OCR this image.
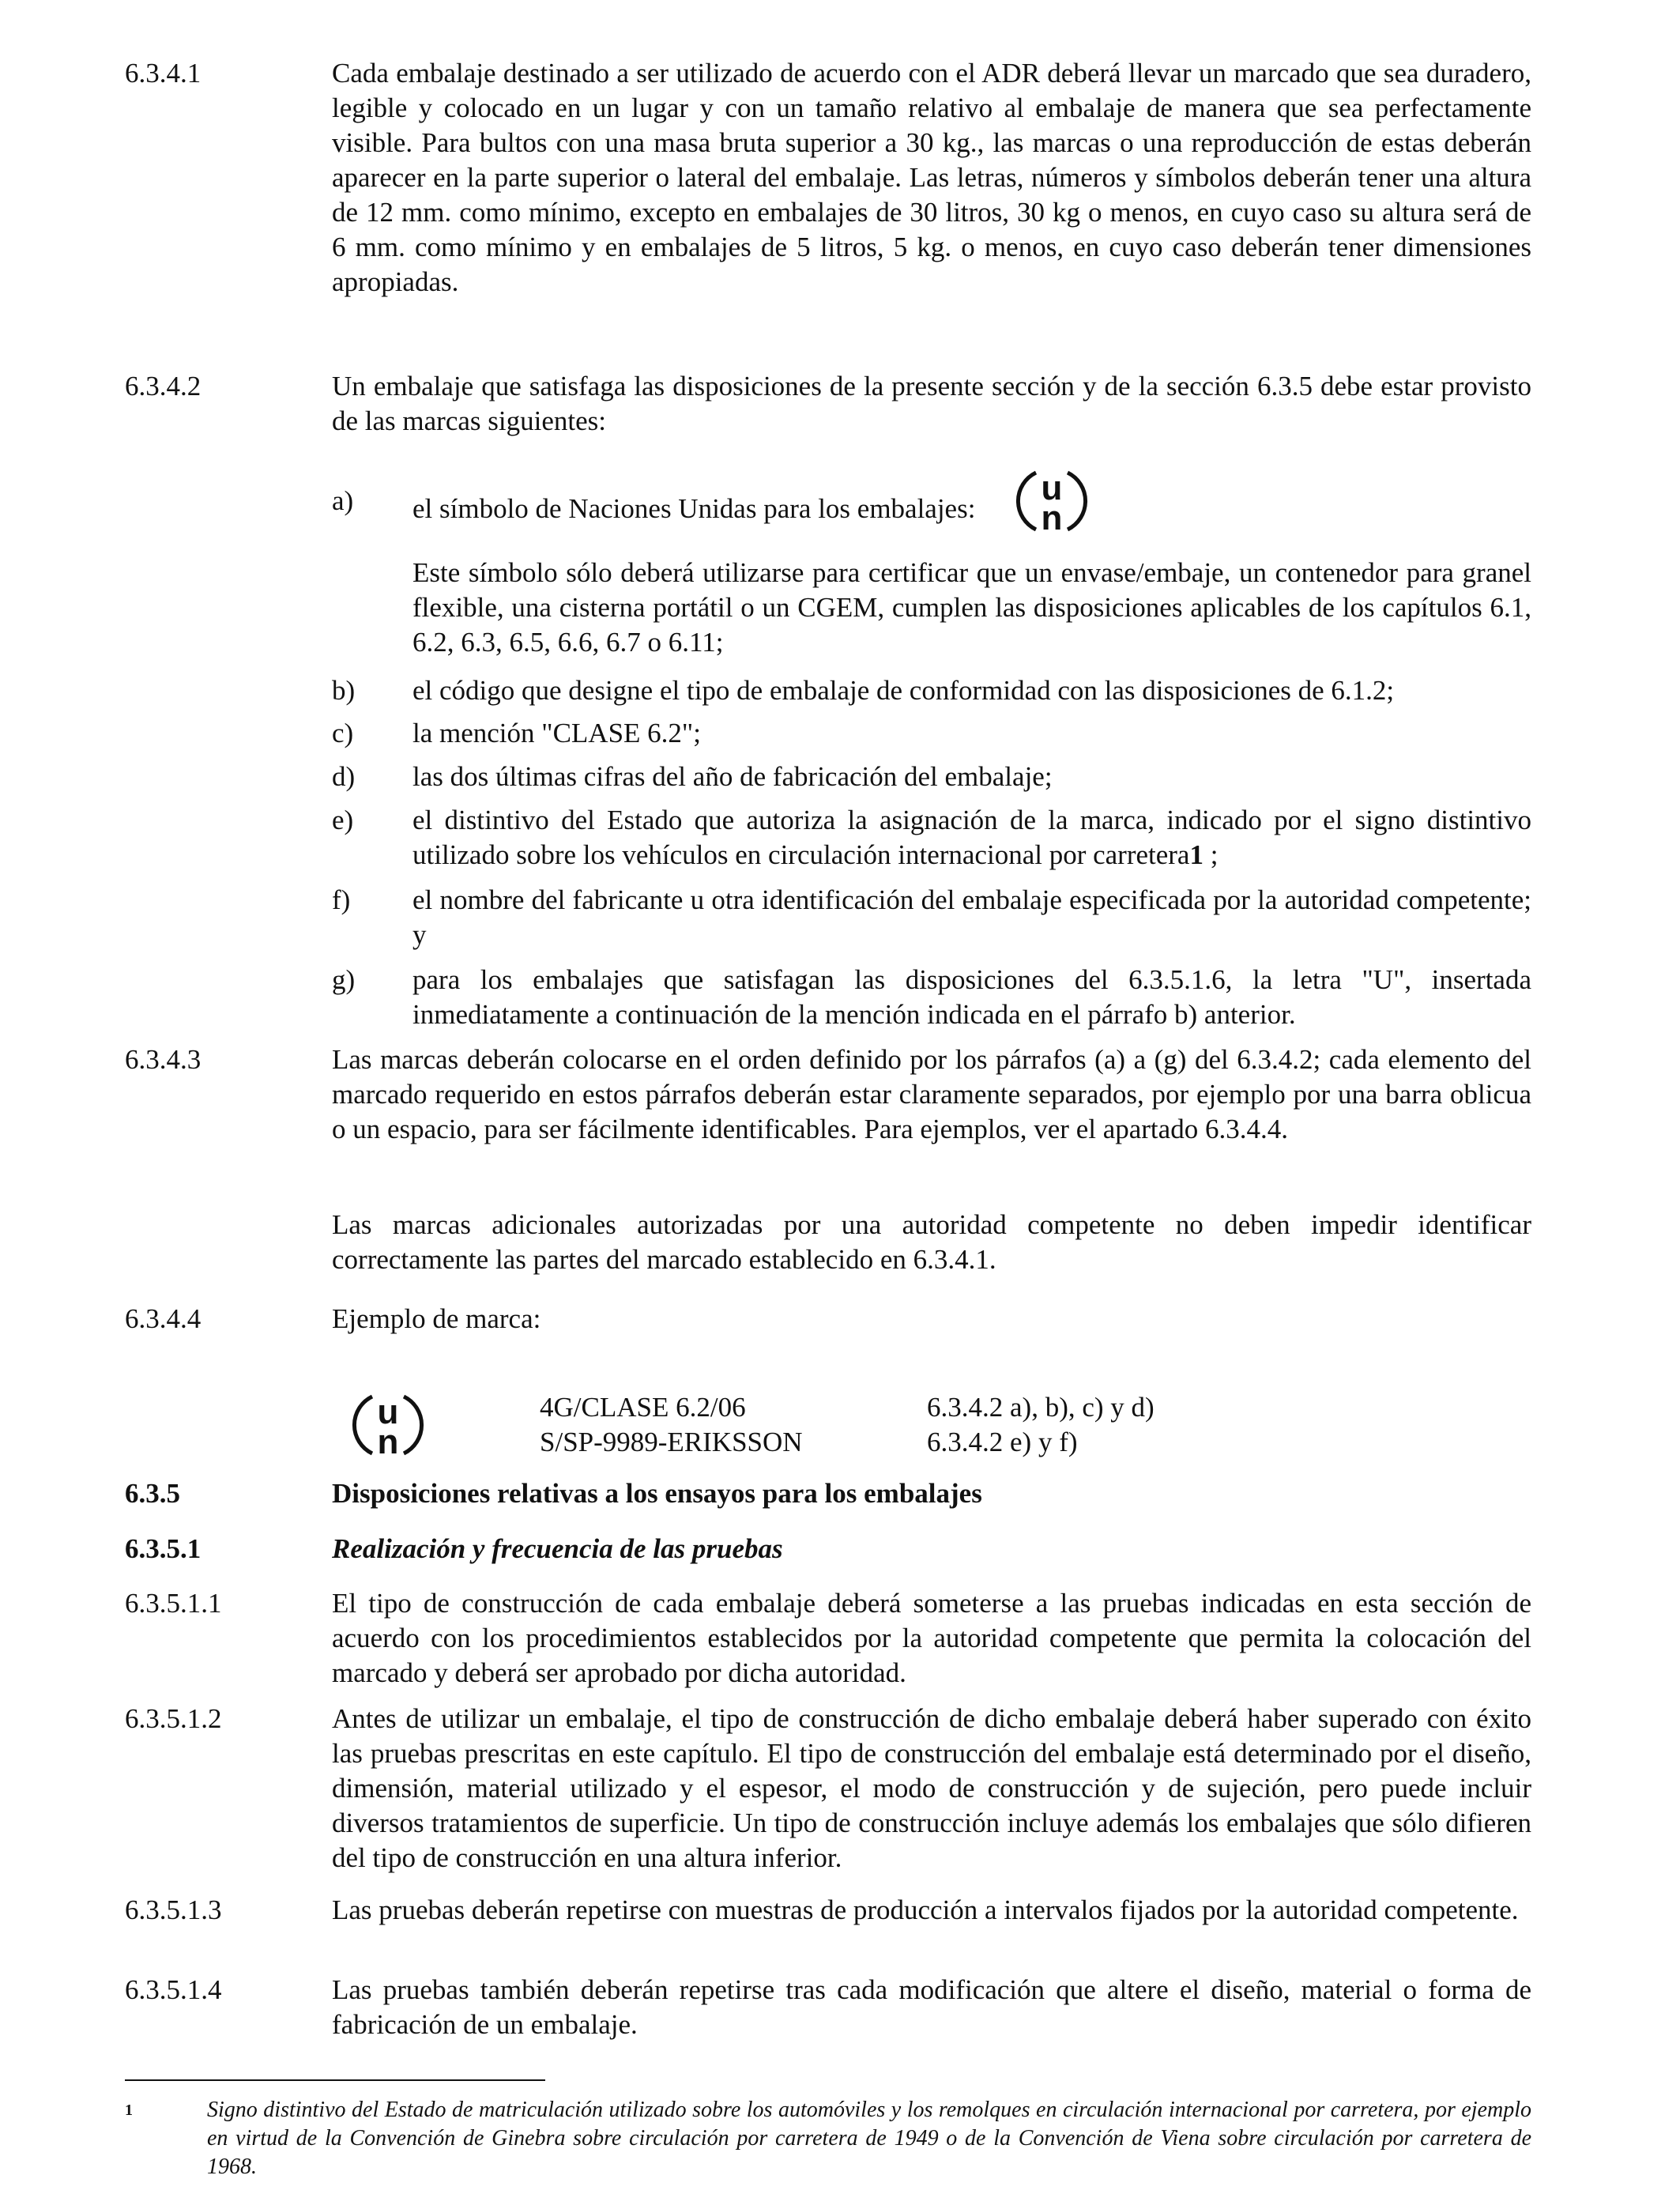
6.3.4.1	Cada embalaje destinado a ser utilizado de acuerdo con el ADR deberá llevar un marcado que sea duradero, legible y colocado en un lugar y con un tamaño relativo al embalaje de manera que sea perfectamente visible. Para bultos con una masa bruta superior a 30 kg., las marcas o una reproducción de estas deberán aparecer en la parte superior o lateral del embalaje. Las letras, números y símbolos deberán tener una altura de 12 mm. como mínimo, excepto en embalajes de 30 litros, 30 kg o menos, en cuyo caso su altura será de 6 mm. como mínimo y en embalajes de 5 litros, 5 kg. o menos, en cuyo caso deberán tener dimensiones apropiadas.
6.3.4.2	Un embalaje que satisfaga las disposiciones de la presente sección y de la sección 6.3.5 debe estar provisto de las marcas siguientes:
a) el símbolo de Naciones Unidas para los embalajes:
u
n
Este símbolo sólo deberá utilizarse para certificar que un envase/embaje, un contenedor para granel flexible, una cisterna portátil o un CGEM, cumplen las disposiciones aplicables de los capítulos 6.1, 6.2, 6.3, 6.5, 6.6, 6.7 o 6.11;
b) el código que designe el tipo de embalaje de conformidad con las disposiciones de 6.1.2;
c) la mención "CLASE 6.2";
d) las dos últimas cifras del año de fabricación del embalaje;
e) el distintivo del Estado que autoriza la asignación de la marca, indicado por el signo distintivo utilizado sobre los vehículos en circulación internacional por carretera1 ;
f) el nombre del fabricante u otra identificación del embalaje especificada por la autoridad competente; y
g) para los embalajes que satisfagan las disposiciones del 6.3.5.1.6, la letra "U", insertada inmediatamente a continuación de la mención indicada en el párrafo b) anterior.
6.3.4.3	Las marcas deberán colocarse en el orden definido por los párrafos (a) a (g) del 6.3.4.2; cada elemento del marcado requerido en estos párrafos deberán estar claramente separados, por ejemplo por una barra oblicua o un espacio, para ser fácilmente identificables. Para ejemplos, ver el apartado 6.3.4.4.
Las marcas adicionales autorizadas por una autoridad competente no deben impedir identificar correctamente las partes del marcado establecido en 6.3.4.1.
6.3.4.4	Ejemplo de marca:
u
n
4G/CLASE 6.2/06	6.3.4.2 a), b), c) y d)
S/SP-9989-ERIKSSON	6.3.4.2 e) y f)
6.3.5	Disposiciones relativas a los ensayos para los embalajes
6.3.5.1	Realización y frecuencia de las pruebas
6.3.5.1.1	El tipo de construcción de cada embalaje deberá someterse a las pruebas indicadas en esta sección de acuerdo con los procedimientos establecidos por la autoridad competente que permita la colocación del marcado y deberá ser aprobado por dicha autoridad.
6.3.5.1.2	Antes de utilizar un embalaje, el tipo de construcción de dicho embalaje deberá haber superado con éxito las pruebas prescritas en este capítulo. El tipo de construcción del embalaje está determinado por el diseño, dimensión, material utilizado y el espesor, el modo de construcción y de sujeción, pero puede incluir diversos tratamientos de superficie. Un tipo de construcción incluye además los embalajes que sólo difieren del tipo de construcción en una altura inferior.
6.3.5.1.3	Las pruebas deberán repetirse con muestras de producción a intervalos fijados por la autoridad competente.
6.3.5.1.4	Las pruebas también deberán repetirse tras cada modificación que altere el diseño, material o forma de fabricación de un embalaje.
1	Signo distintivo del Estado de matriculación utilizado sobre los automóviles y los remolques en circulación internacional por carretera, por ejemplo en virtud de la Convención de Ginebra sobre circulación por carretera de 1949 o de la Convención de Viena sobre circulación por carretera de 1968.
